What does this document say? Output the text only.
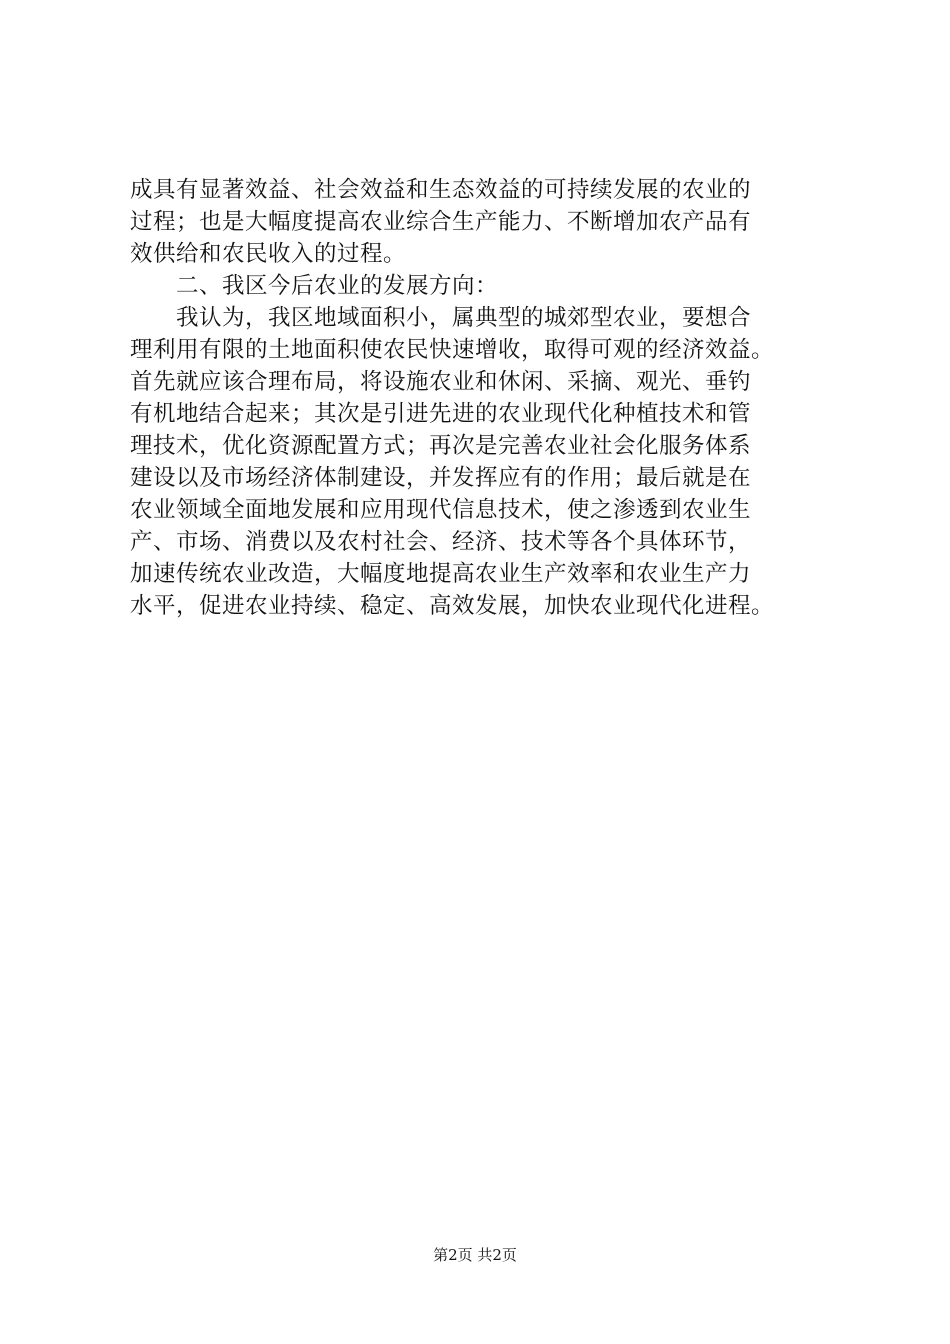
成具有显著效益、社会效益和生态效益的可持续发展的农业的
过程；也是大幅度提高农业综合生产能力、不断增加农产品有
效供给和农民收入的过程。
　　二、我区今后农业的发展方向：
　　我认为，我区地域面积小，属典型的城郊型农业，要想合
理利用有限的土地面积使农民快速增收，取得可观的经济效益。
首先就应该合理布局，将设施农业和休闲、采摘、观光、垂钓
有机地结合起来；其次是引进先进的农业现代化种植技术和管
理技术，优化资源配置方式；再次是完善农业社会化服务体系
建设以及市场经济体制建设，并发挥应有的作用；最后就是在
农业领域全面地发展和应用现代信息技术，使之渗透到农业生
产、市场、消费以及农村社会、经济、技术等各个具体环节，
加速传统农业改造，大幅度地提高农业生产效率和农业生产力
水平，促进农业持续、稳定、高效发展，加快农业现代化进程。
第2页 共2页
